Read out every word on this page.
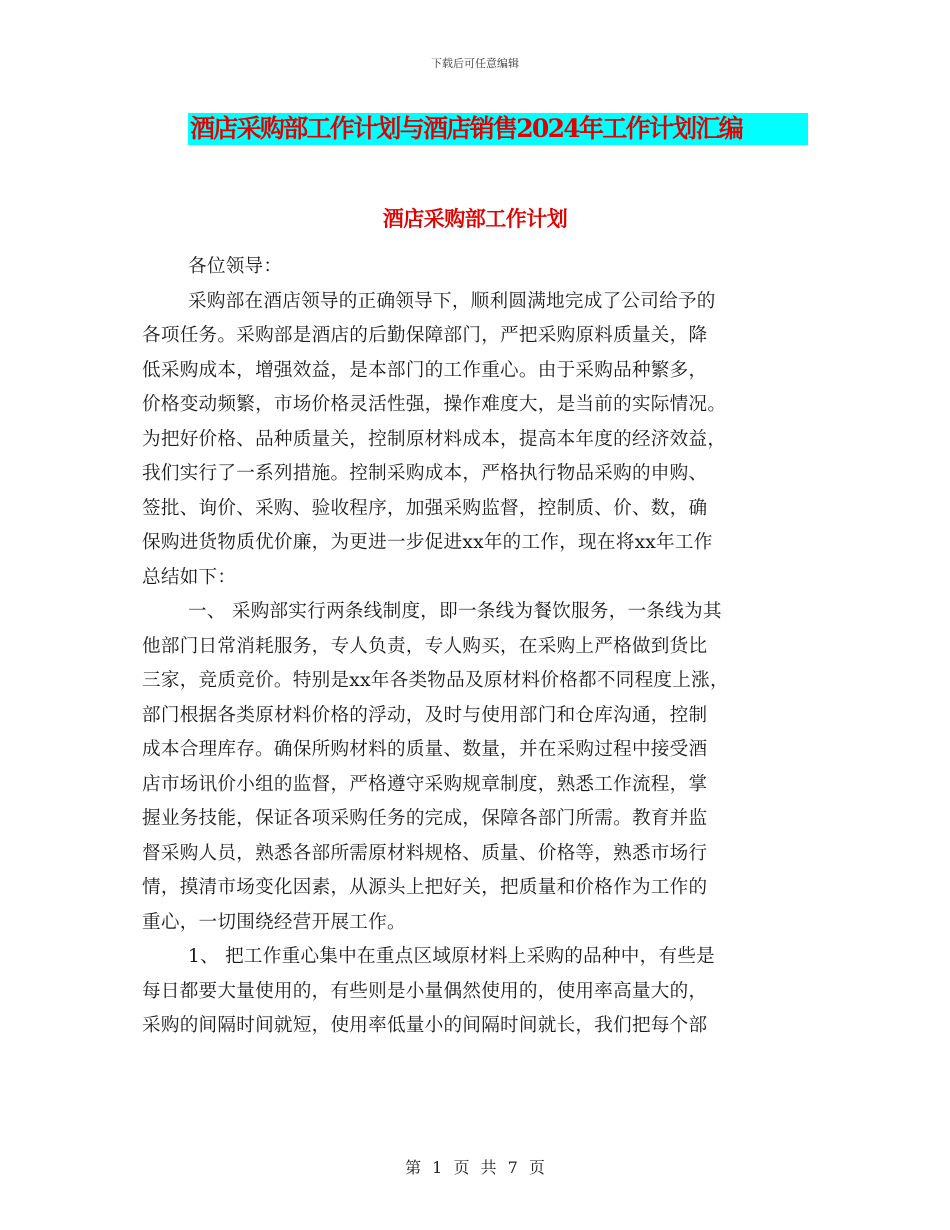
下载后可任意编辑
酒店采购部工作计划与酒店销售2024年工作计划汇编
酒店采购部工作计划
各位领导：
采购部在酒店领导的正确领导下，顺利圆满地完成了公司给予的
各项任务。采购部是酒店的后勤保障部门，严把采购原料质量关，降
低采购成本，增强效益，是本部门的工作重心。由于采购品种繁多，
价格变动频繁，市场价格灵活性强，操作难度大，是当前的实际情况。
为把好价格、品种质量关，控制原材料成本，提高本年度的经济效益，
我们实行了一系列措施。控制采购成本，严格执行物品采购的申购、
签批、询价、采购、验收程序，加强采购监督，控制质、价、数，确
保购进货物质优价廉，为更进一步促进xx年的工作，现在将xx年工作
总结如下：
一、 采购部实行两条线制度，即一条线为餐饮服务，一条线为其
他部门日常消耗服务，专人负责，专人购买，在采购上严格做到货比
三家，竞质竞价。特别是xx年各类物品及原材料价格都不同程度上涨，
部门根据各类原材料价格的浮动，及时与使用部门和仓库沟通，控制
成本合理库存。确保所购材料的质量、数量，并在采购过程中接受酒
店市场讯价小组的监督，严格遵守采购规章制度，熟悉工作流程，掌
握业务技能，保证各项采购任务的完成，保障各部门所需。教育并监
督采购人员，熟悉各部所需原材料规格、质量、价格等，熟悉市场行
情，摸清市场变化因素，从源头上把好关，把质量和价格作为工作的
重心，一切围绕经营开展工作。
1、 把工作重心集中在重点区域原材料上采购的品种中，有些是
每日都要大量使用的，有些则是小量偶然使用的，使用率高量大的，
采购的间隔时间就短，使用率低量小的间隔时间就长，我们把每个部
第 1 页 共 7 页
